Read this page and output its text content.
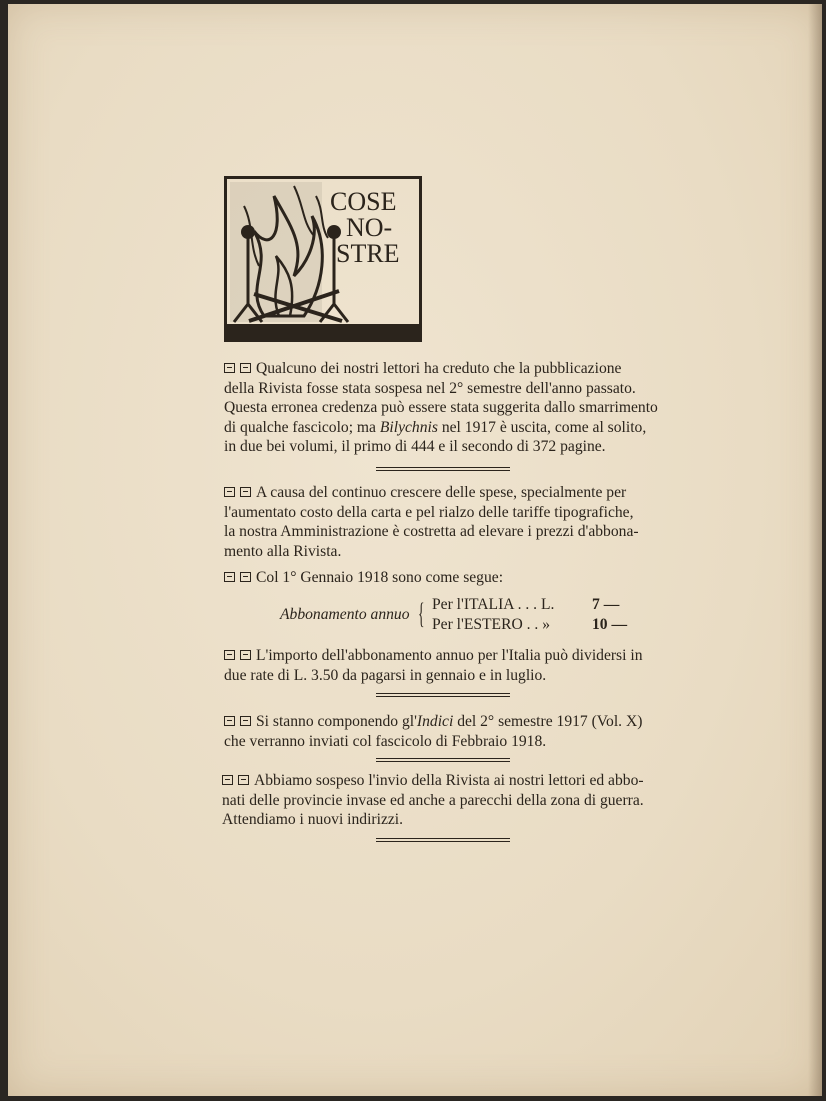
COSE
NO-
STRE
Qualcuno dei nostri lettori ha creduto che la pubblicazione
della Rivista fosse stata sospesa nel 2° semestre dell'anno passato.
Questa erronea credenza può essere stata suggerita dallo smarrimento
di qualche fascicolo; ma Bilychnis nel 1917 è uscita, come al solito,
in due bei volumi, il primo di 444 e il secondo di 372 pagine.
A causa del continuo crescere delle spese, specialmente per
l'aumentato costo della carta e pel rialzo delle tariffe tipografiche,
la nostra Amministrazione è costretta ad elevare i prezzi d'abbona-
mento alla Rivista.
Col 1° Gennaio 1918 sono come segue:
Abbonamento annuo { Per l'ITALIA . . . L. 7 —
Per l'ESTERO . . »	10 —
L'importo dell'abbonamento annuo per l'Italia può dividersi in
due rate di L. 3.50 da pagarsi in gennaio e in luglio.
Si stanno componendo gl'Indici del 2° semestre 1917 (Vol. X)
che verranno inviati col fascicolo di Febbraio 1918.
Abbiamo sospeso l'invio della Rivista ai nostri lettori ed abbo-
nati delle provincie invase ed anche a parecchi della zona di guerra.
Attendiamo i nuovi indirizzi.
